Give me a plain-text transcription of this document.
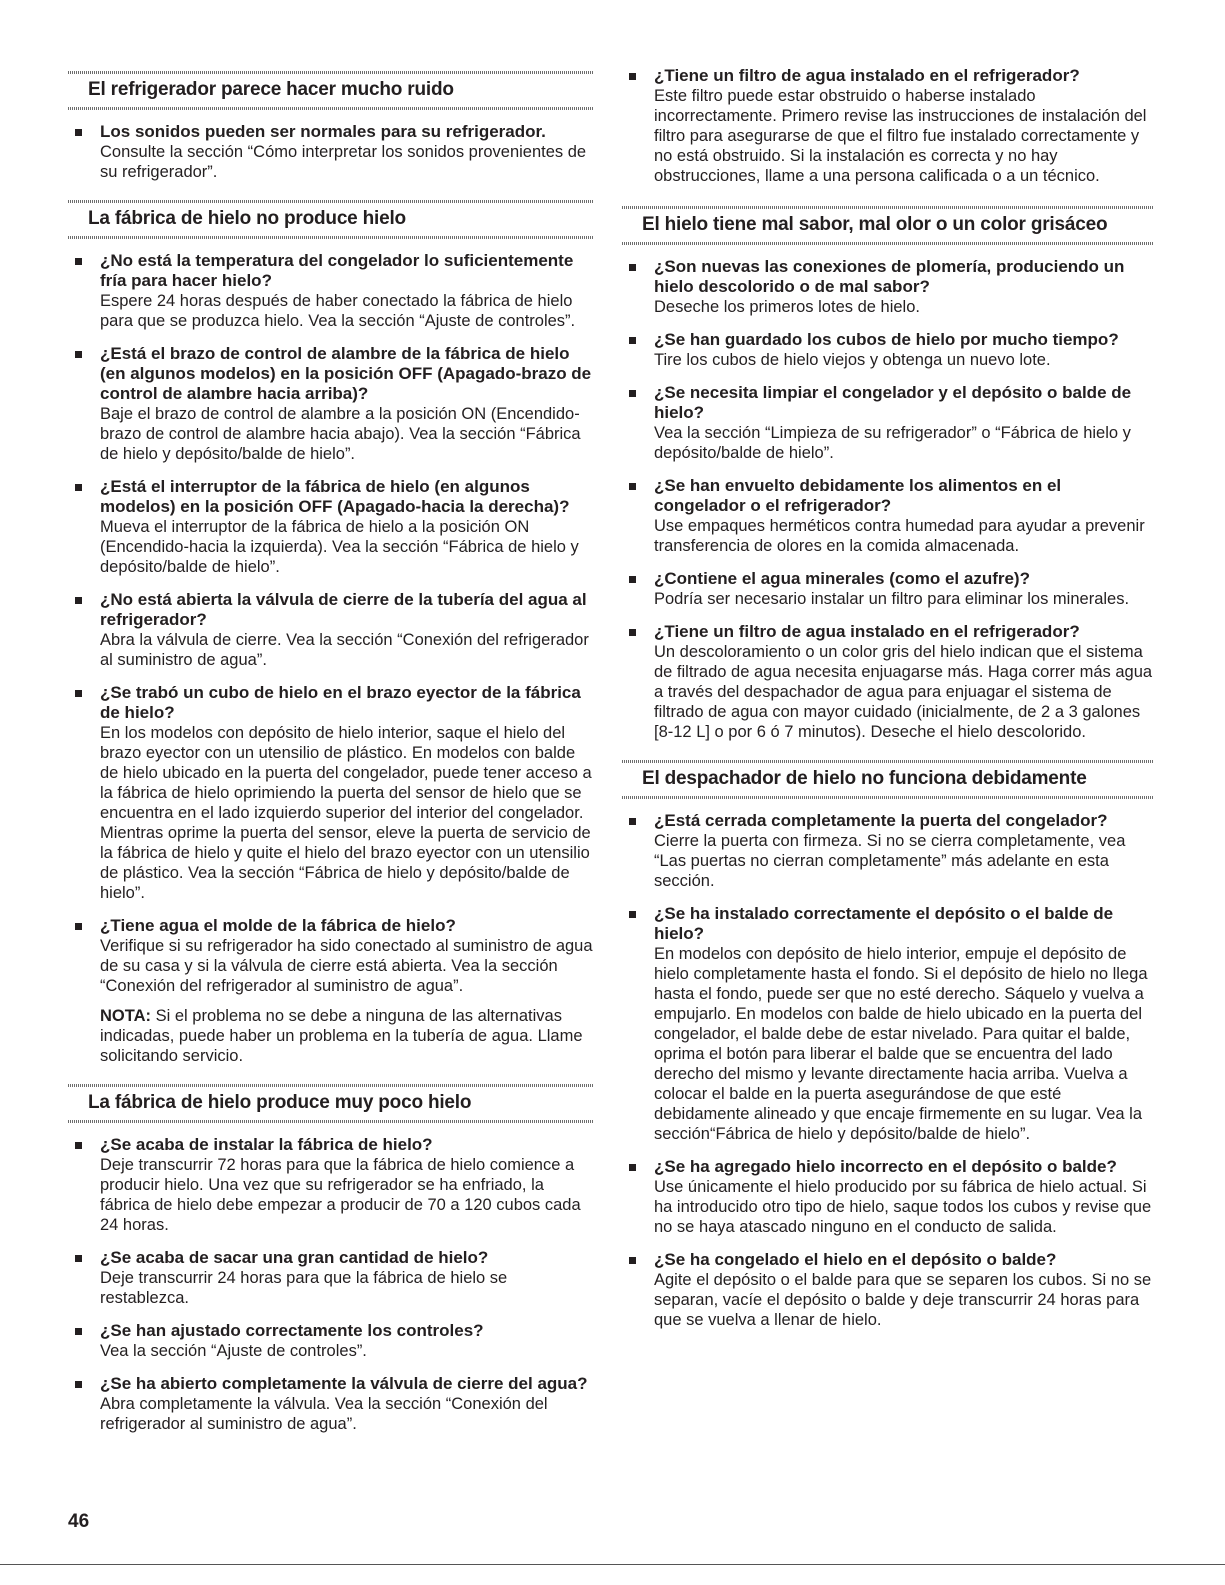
El refrigerador parece hacer mucho ruido
Los sonidos pueden ser normales para su refrigerador.
Consulte la sección “Cómo interpretar los sonidos provenientes de su refrigerador”.
La fábrica de hielo no produce hielo
¿No está la temperatura del congelador lo suficientemente fría para hacer hielo?
Espere 24 horas después de haber conectado la fábrica de hielo para que se produzca hielo. Vea la sección “Ajuste de controles”.
¿Está el brazo de control de alambre de la fábrica de hielo (en algunos modelos) en la posición OFF (Apagado-brazo de control de alambre hacia arriba)?
Baje el brazo de control de alambre a la posición ON (Encendido-brazo de control de alambre hacia abajo). Vea la sección “Fábrica de hielo y depósito/balde de hielo”.
¿Está el interruptor de la fábrica de hielo (en algunos modelos) en la posición OFF (Apagado-hacia la derecha)?
Mueva el interruptor de la fábrica de hielo a la posición ON (Encendido-hacia la izquierda). Vea la sección “Fábrica de hielo y depósito/balde de hielo”.
¿No está abierta la válvula de cierre de la tubería del agua al refrigerador?
Abra la válvula de cierre. Vea la sección “Conexión del refrigerador al suministro de agua”.
¿Se trabó un cubo de hielo en el brazo eyector de la fábrica de hielo?
En los modelos con depósito de hielo interior, saque el hielo del brazo eyector con un utensilio de plástico. En modelos con balde de hielo ubicado en la puerta del congelador, puede tener acceso a la fábrica de hielo oprimiendo la puerta del sensor de hielo que se encuentra en el lado izquierdo superior del interior del congelador. Mientras oprime la puerta del sensor, eleve la puerta de servicio de la fábrica de hielo y quite el hielo del brazo eyector con un utensilio de plástico. Vea la sección “Fábrica de hielo y depósito/balde de hielo”.
¿Tiene agua el molde de la fábrica de hielo?
Verifique si su refrigerador ha sido conectado al suministro de agua de su casa y si la válvula de cierre está abierta. Vea la sección “Conexión del refrigerador al suministro de agua”.
NOTA: Si el problema no se debe a ninguna de las alternativas indicadas, puede haber un problema en la tubería de agua. Llame solicitando servicio.
La fábrica de hielo produce muy poco hielo
¿Se acaba de instalar la fábrica de hielo?
Deje transcurrir 72 horas para que la fábrica de hielo comience a producir hielo. Una vez que su refrigerador se ha enfriado, la fábrica de hielo debe empezar a producir de 70 a 120 cubos cada 24 horas.
¿Se acaba de sacar una gran cantidad de hielo?
Deje transcurrir 24 horas para que la fábrica de hielo se restablezca.
¿Se han ajustado correctamente los controles?
Vea la sección “Ajuste de controles”.
¿Se ha abierto completamente la válvula de cierre del agua?
Abra completamente la válvula. Vea la sección “Conexión del refrigerador al suministro de agua”.
¿Tiene un filtro de agua instalado en el refrigerador?
Este filtro puede estar obstruido o haberse instalado incorrectamente. Primero revise las instrucciones de instalación del filtro para asegurarse de que el filtro fue instalado correctamente y no está obstruido. Si la instalación es correcta y no hay obstrucciones, llame a una persona calificada o a un técnico.
El hielo tiene mal sabor, mal olor o un color grisáceo
¿Son nuevas las conexiones de plomería, produciendo un hielo descolorido o de mal sabor?
Deseche los primeros lotes de hielo.
¿Se han guardado los cubos de hielo por mucho tiempo?
Tire los cubos de hielo viejos y obtenga un nuevo lote.
¿Se necesita limpiar el congelador y el depósito o balde de hielo?
Vea la sección “Limpieza de su refrigerador” o “Fábrica de hielo y depósito/balde de hielo”.
¿Se han envuelto debidamente los alimentos en el congelador o el refrigerador?
Use empaques herméticos contra humedad para ayudar a prevenir transferencia de olores en la comida almacenada.
¿Contiene el agua minerales (como el azufre)?
Podría ser necesario instalar un filtro para eliminar los minerales.
¿Tiene un filtro de agua instalado en el refrigerador?
Un descoloramiento o un color gris del hielo indican que el sistema de filtrado de agua necesita enjuagarse más. Haga correr más agua a través del despachador de agua para enjuagar el sistema de filtrado de agua con mayor cuidado (inicialmente, de 2 a 3 galones [8-12 L] o por 6 ó 7 minutos). Deseche el hielo descolorido.
El despachador de hielo no funciona debidamente
¿Está cerrada completamente la puerta del congelador?
Cierre la puerta con firmeza. Si no se cierra completamente, vea “Las puertas no cierran completamente” más adelante en esta sección.
¿Se ha instalado correctamente el depósito o el balde de hielo?
En modelos con depósito de hielo interior, empuje el depósito de hielo completamente hasta el fondo. Si el depósito de hielo no llega hasta el fondo, puede ser que no esté derecho. Sáquelo y vuelva a empujarlo. En modelos con balde de hielo ubicado en la puerta del congelador, el balde debe de estar nivelado. Para quitar el balde, oprima el botón para liberar el balde que se encuentra del lado derecho del mismo y levante directamente hacia arriba. Vuelva a colocar el balde en la puerta asegurándose de que esté debidamente alineado y que encaje firmemente en su lugar. Vea la sección“Fábrica de hielo y depósito/balde de hielo”.
¿Se ha agregado hielo incorrecto en el depósito o balde?
Use únicamente el hielo producido por su fábrica de hielo actual. Si ha introducido otro tipo de hielo, saque todos los cubos y revise que no se haya atascado ninguno en el conducto de salida.
¿Se ha congelado el hielo en el depósito o balde?
Agite el depósito o el balde para que se separen los cubos. Si no se separan, vacíe el depósito o balde y deje transcurrir 24 horas para que se vuelva a llenar de hielo.
46
